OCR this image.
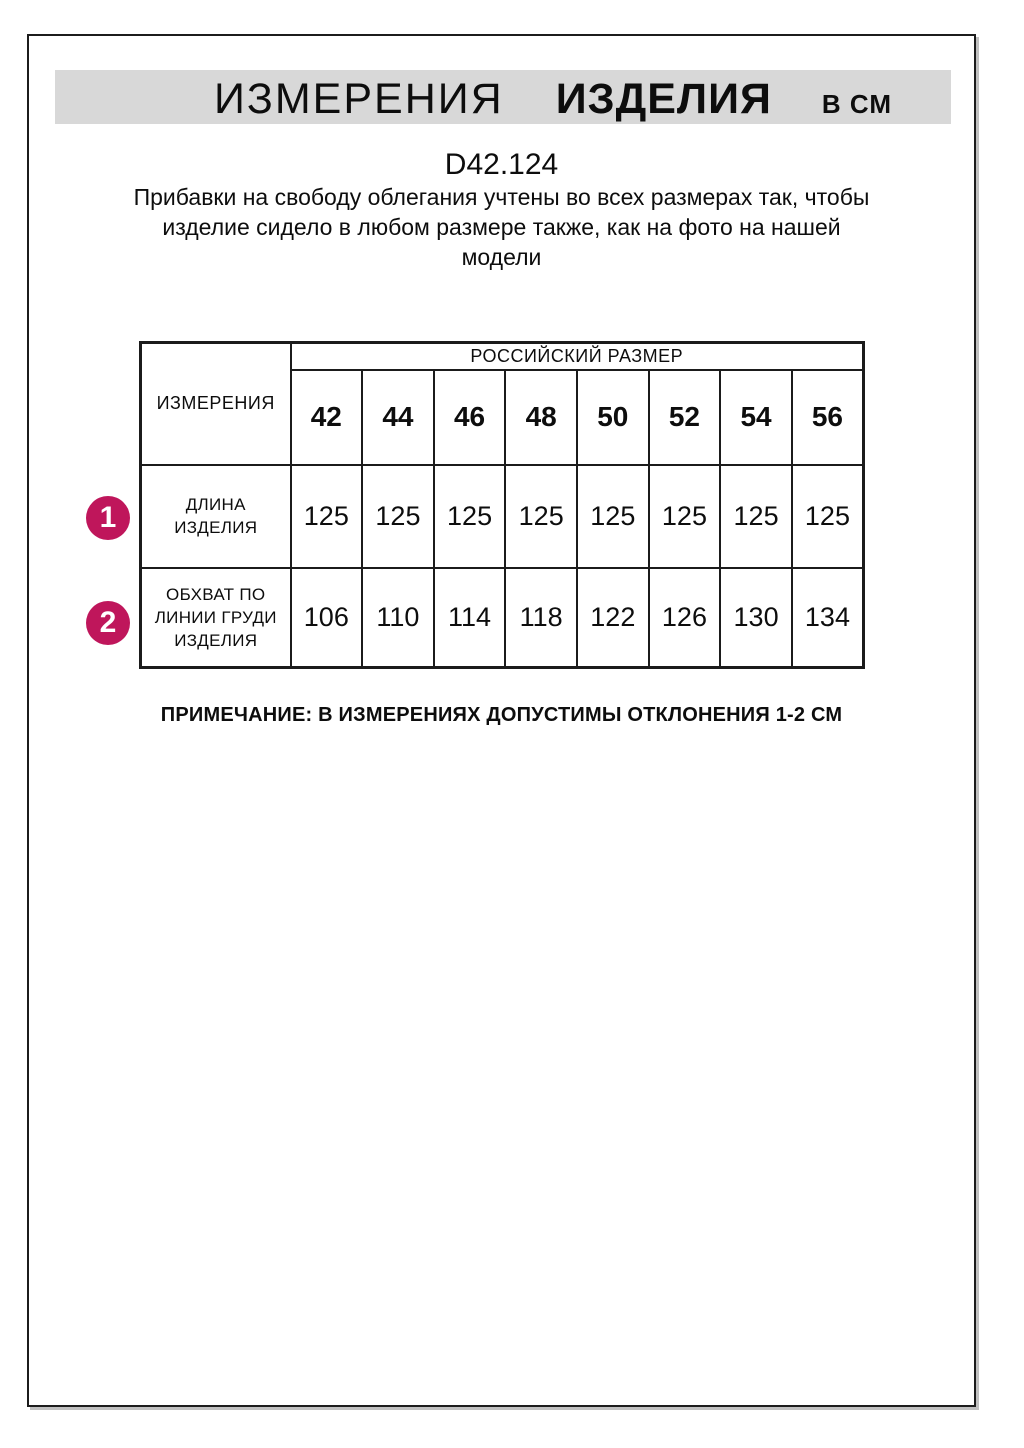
ИЗМЕРЕНИЯ ИЗДЕЛИЯ В СМ
D42.124
Прибавки на свободу облегания учтены во всех размерах так, чтобы
изделие сидело в любом размере также, как на фото на нашей
модели
ИЗМЕРЕНИЯ	РОССИЙСКИЙ РАЗМЕР							
	42	44	46	48	50	52	54	56

ДЛИНА
ИЗДЕЛИЯ	125	125	125	125	125	125	125	125

ОБХВАТ ПО
ЛИНИИ ГРУДИ
ИЗДЕЛИЯ	106	110	114	118	122	126	130	134
1
2
ПРИМЕЧАНИЕ: В ИЗМЕРЕНИЯХ ДОПУСТИМЫ ОТКЛОНЕНИЯ 1-2 СМ
